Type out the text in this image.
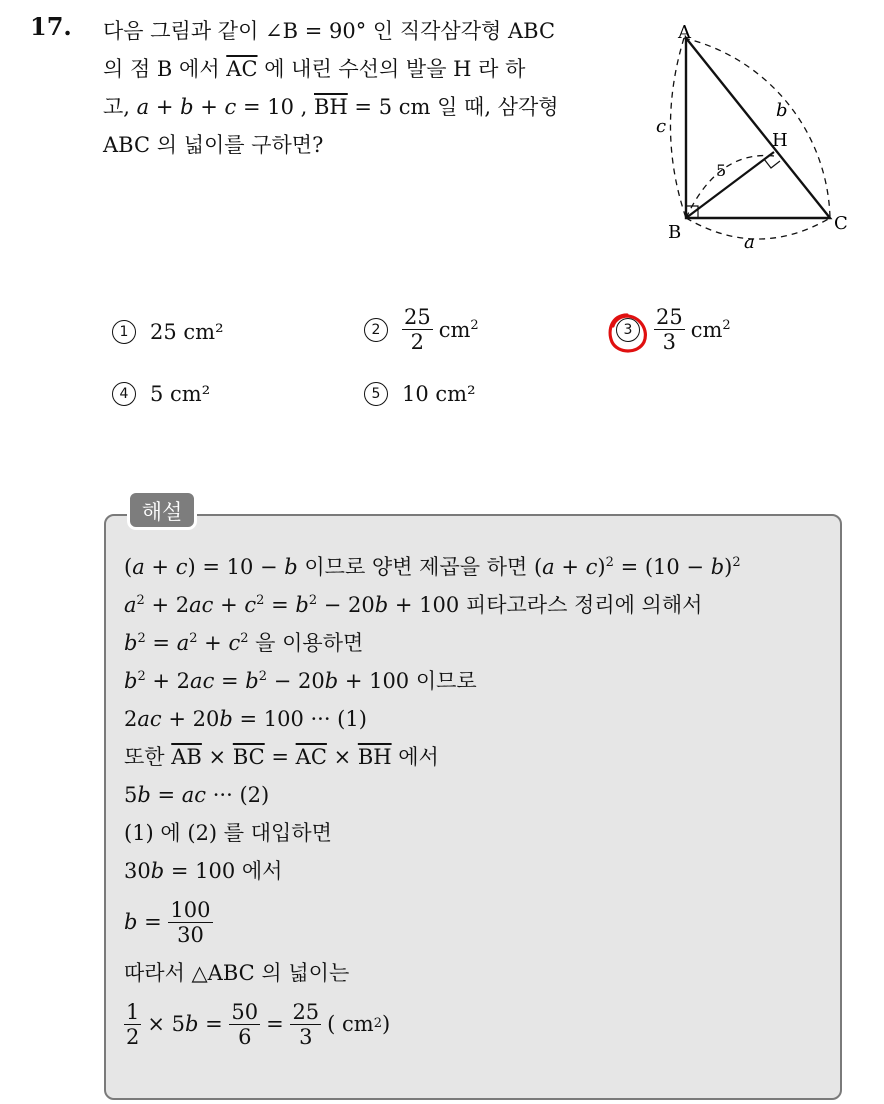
17. 다음 그림과 같이 ∠B = 90° 인 직각삼각형 ABC
의 점 B 에서 $\overline{AC}$ 에 내린 수선의 발을 H 라 하
고, a + b + c = 10 , $\overline{BH} = 5$ cm 일 때, 삼각형
ABC 의 넓이를 구하면?
A
B	C
H
b
c
a
5
1	25 cm²	2	$\frac{25}{2} cm^2$	3	$\frac{25}{3} cm^2$
4	5 cm²	5	10 cm²
해설
(a + c) = 10 − b 이므로 양변 제곱을 하면 $(a + c)^2 = (10 - b)^2$
$a^2 + 2ac + c^2 = b^2 - 20b + 100$ 피타고라스 정리에 의해서
$b^2 = a^2 + c^2$ 을 이용하면
$b^2 + 2ac = b^2 - 20b + 100$ 이므로
2ac + 20b = 100 ··· (1)
또한 $\overline{AB} \times \overline{BC} = \overline{AC} \times \overline{BH}$ 에서
5b = ac ··· (2)
(1) 에 (2) 를 대입하면
30b = 100 에서
$b = \frac{100}{30}$
따라서 △ABC 의 넓이는
$\frac{1}{2} \times 5$ $b = \frac{50}{6} = \frac{25}{3}$ ( cm 2 )
